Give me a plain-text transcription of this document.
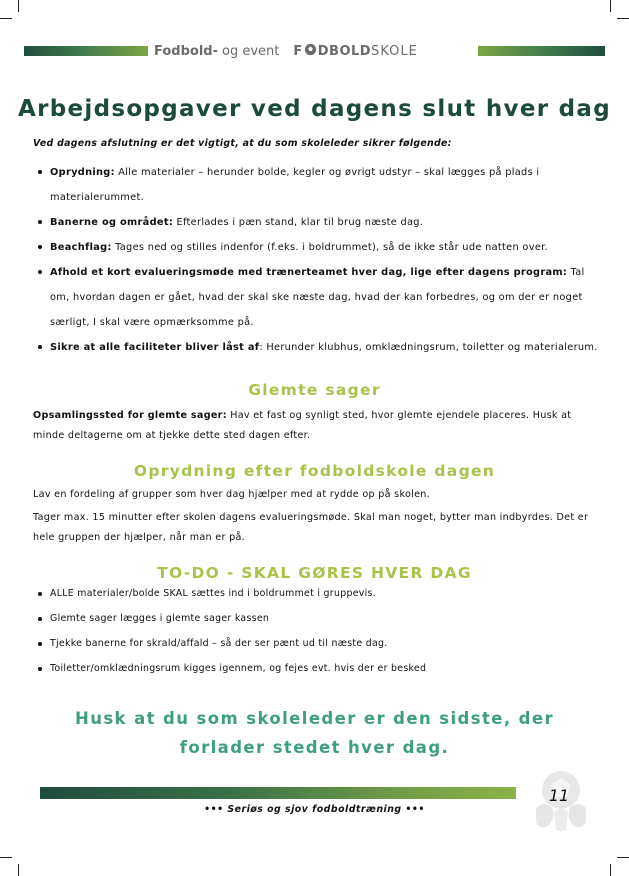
Fodbold- og event F DBOLD SKOLE
Arbejdsopgaver ved dagens slut hver dag

Ved dagens afslutning er det vigtigt, at du som skoleleder sikrer følgende:

Oprydning: Alle materialer – herunder bolde, kegler og øvrigt udstyr – skal lægges på plads i materialerummet.
Banerne og området: Efterlades i pæn stand, klar til brug næste dag.
Beachflag: Tages ned og stilles indenfor (f.eks. i boldrummet), så de ikke står ude natten over.
Afhold et kort evalueringsmøde med trænerteamet hver dag, lige efter dagens program: Tal om, hvordan dagen er gået, hvad der skal ske næste dag, hvad der kan forbedres, og om der er noget særligt, I skal være opmærksomme på.
Sikre at alle faciliteter bliver låst af: Herunder klubhus, omklædningsrum, toiletter og materialerum.
Glemte sager

Opsamlingssted for glemte sager: Hav et fast og synligt sted, hvor glemte ejendele placeres. Husk at minde deltagerne om at tjekke dette sted dagen efter.

Oprydning efter fodboldskole dagen

Lav en fordeling af grupper som hver dag hjælper med at rydde op på skolen.

Tager max. 15 minutter efter skolen dagens evalueringsmøde. Skal man noget, bytter man indbyrdes. Det er hele gruppen der hjælper, når man er på.

TO-DO - SKAL GØRES HVER DAG
ALLE materialer/bolde SKAL sættes ind i boldrummet i gruppevis.
Glemte sager lægges i glemte sager kassen
Tjekke banerne for skrald/affald – så der ser pænt ud til næste dag.
Toiletter/omklædningsrum kigges igennem, og fejes evt. hvis der er besked

Husk at du som skoleleder er den sidste, der forlader stedet hver dag.

11
••• Seriøs og sjov fodboldtræning •••
